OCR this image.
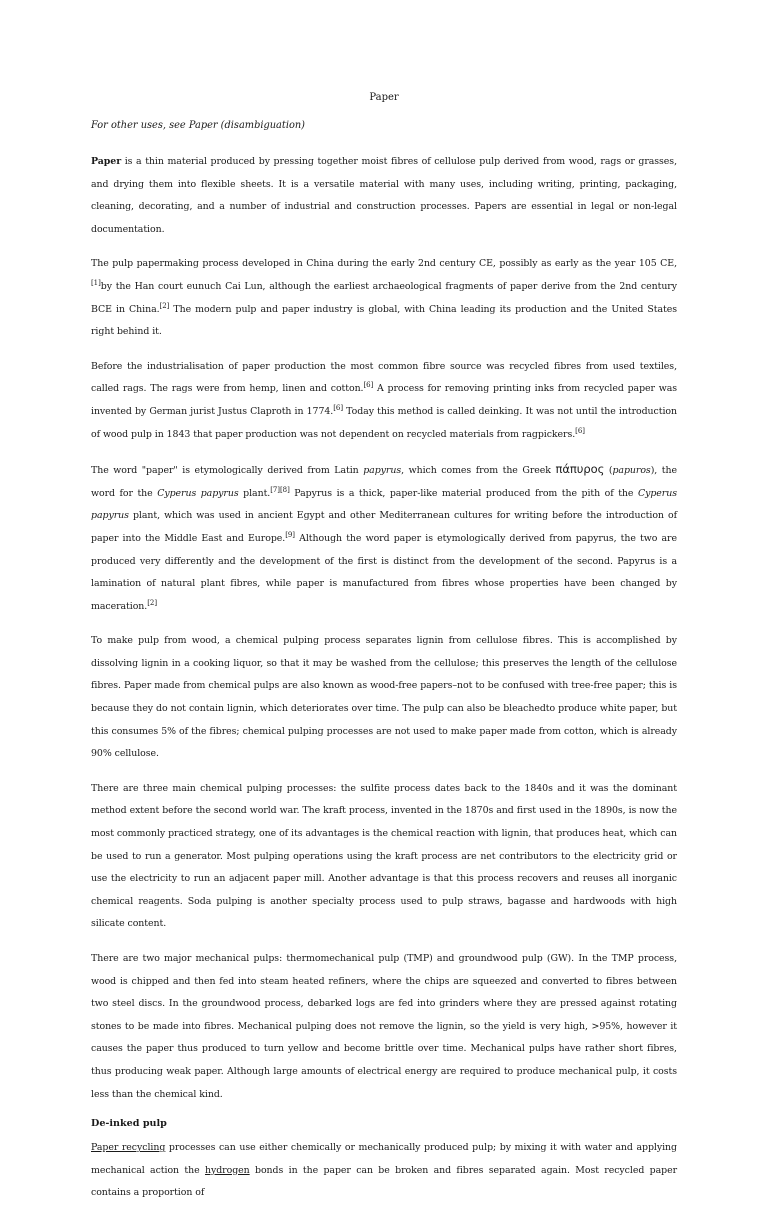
Paper
For other uses, see Paper (disambiguation)

Paper is a thin material produced by pressing together moist fibres of cellulose pulp derived from wood, rags or grasses, and drying them into flexible sheets. It is a versatile material with many uses, including writing, printing, packaging, cleaning, decorating, and a number of industrial and construction processes. Papers are essential in legal or non-legal documentation.

The pulp papermaking process developed in China during the early 2nd century CE, possibly as early as the year 105 CE,[1]by the Han court eunuch Cai Lun, although the earliest archaeological fragments of paper derive from the 2nd century BCE in China.[2] The modern pulp and paper industry is global, with China leading its production and the United States right behind it.

Before the industrialisation of paper production the most common fibre source was recycled fibres from used textiles, called rags. The rags were from hemp, linen and cotton.[6] A process for removing printing inks from recycled paper was invented by German jurist Justus Claproth in 1774.[6] Today this method is called deinking. It was not until the introduction of wood pulp in 1843 that paper production was not dependent on recycled materials from ragpickers.[6]

The word "paper" is etymologically derived from Latin papyrus, which comes from the Greek πάπυρος (papuros), the word for the Cyperus papyrus plant.[7][8] Papyrus is a thick, paper-like material produced from the pith of the Cyperus papyrus plant, which was used in ancient Egypt and other Mediterranean cultures for writing before the introduction of paper into the Middle East and Europe.[9] Although the word paper is etymologically derived from papyrus, the two are produced very differently and the development of the first is distinct from the development of the second. Papyrus is a lamination of natural plant fibres, while paper is manufactured from fibres whose properties have been changed by maceration.[2]

To make pulp from wood, a chemical pulping process separates lignin from cellulose fibres. This is accomplished by dissolving lignin in a cooking liquor, so that it may be washed from the cellulose; this preserves the length of the cellulose fibres. Paper made from chemical pulps are also known as wood-free papers–not to be confused with tree-free paper; this is because they do not contain lignin, which deteriorates over time. The pulp can also be bleachedto produce white paper, but this consumes 5% of the fibres; chemical pulping processes are not used to make paper made from cotton, which is already 90% cellulose.

There are three main chemical pulping processes: the sulfite process dates back to the 1840s and it was the dominant method extent before the second world war. The kraft process, invented in the 1870s and first used in the 1890s, is now the most commonly practiced strategy, one of its advantages is the chemical reaction with lignin, that produces heat, which can be used to run a generator. Most pulping operations using the kraft process are net contributors to the electricity grid or use the electricity to run an adjacent paper mill. Another advantage is that this process recovers and reuses all inorganic chemical reagents. Soda pulping is another specialty process used to pulp straws, bagasse and hardwoods with high silicate content.

There are two major mechanical pulps: thermomechanical pulp (TMP) and groundwood pulp (GW). In the TMP process, wood is chipped and then fed into steam heated refiners, where the chips are squeezed and converted to fibres between two steel discs. In the groundwood process, debarked logs are fed into grinders where they are pressed against rotating stones to be made into fibres. Mechanical pulping does not remove the lignin, so the yield is very high, >95%, however it causes the paper thus produced to turn yellow and become brittle over time. Mechanical pulps have rather short fibres, thus producing weak paper. Although large amounts of electrical energy are required to produce mechanical pulp, it costs less than the chemical kind.

De-inked pulp

Paper recycling processes can use either chemically or mechanically produced pulp; by mixing it with water and applying mechanical action the hydrogen bonds in the paper can be broken and fibres separated again. Most recycled paper contains a proportion of
